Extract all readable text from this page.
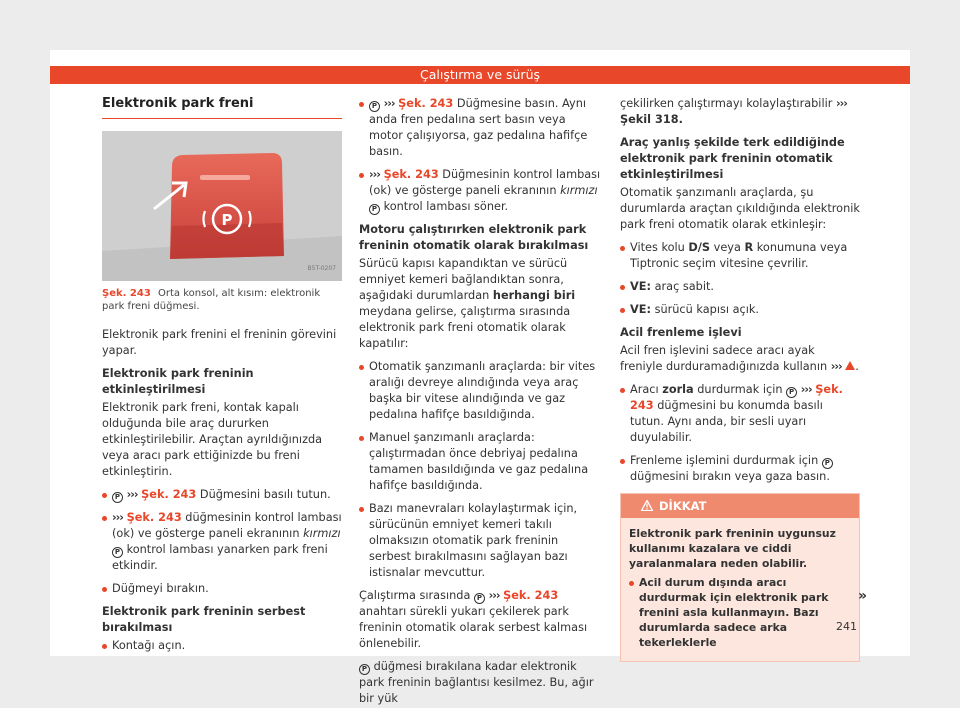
Çalıştırma ve sürüş
Elektronik park freni
P
B5T-0207
Şek. 243 Orta konsol, alt kısım: elektronik park freni düğmesi.

Elektronik park frenini el freninin görevini yapar.

Elektronik park freninin etkinleştirilmesi

Elektronik park freni, kontak kapalı olduğunda bile araç dururken etkinleştirilebilir. Araçtan ayrıldığınızda veya aracı park ettiğinizde bu freni etkinleştirin.

P ››› Şek. 243 Düğmesini basılı tutun.

››› Şek. 243 düğmesinin kontrol lambası (ok) ve gösterge paneli ekranının kırmızı P kontrol lambası yanarken park freni etkindir.

Düğmeyi bırakın.

Elektronik park freninin serbest bırakılması

Kontağı açın.

P ››› Şek. 243 Düğmesine basın. Aynı anda fren pedalına sert basın veya motor çalışıyorsa, gaz pedalına hafifçe basın.

››› Şek. 243 Düğmesinin kontrol lambası (ok) ve gösterge paneli ekranının kırmızı P kontrol lambası söner.

Motoru çalıştırırken elektronik park freninin otomatik olarak bırakılması

Sürücü kapısı kapandıktan ve sürücü emniyet kemeri bağlandıktan sonra, aşağıdaki durumlardan herhangi biri meydana gelirse, çalıştırma sırasında elektronik park freni otomatik olarak kapatılır:

Otomatik şanzımanlı araçlarda: bir vites aralığı devreye alındığında veya araç başka bir vitese alındığında ve gaz pedalına hafifçe basıldığında.

Manuel şanzımanlı araçlarda: çalıştırmadan önce debriyaj pedalına tamamen basıldığında ve gaz pedalına hafifçe basıldığında.

Bazı manevraları kolaylaştırmak için, sürücünün emniyet kemeri takılı olmaksızın otomatik park freninin serbest bırakılmasını sağlayan bazı istisnalar mevcuttur.

Çalıştırma sırasında P ››› Şek. 243 anahtarı sürekli yukarı çekilerek park freninin otomatik olarak serbest kalması önlenebilir.

P düğmesi bırakılana kadar elektronik park freninin bağlantısı kesilmez. Bu, ağır bir yük

çekilirken çalıştırmayı kolaylaştırabilir ››› Şekil 318.

Araç yanlış şekilde terk edildiğinde elektronik park freninin otomatik etkinleştirilmesi

Otomatik şanzımanlı araçlarda, şu durumlarda araçtan çıkıldığında elektronik park freni otomatik olarak etkinleşir:

Vites kolu D/S veya R konumuna veya Tiptronic seçim vitesine çevrilir.

VE: araç sabit.

VE: sürücü kapısı açık.

Acil frenleme işlevi

Acil fren işlevini sadece aracı ayak freniyle durduramadığınızda kullanın ››› .

Aracı zorla durdurmak için P ››› Şek. 243 düğmesini bu konumda basılı tutun. Aynı anda, bir sesli uyarı duyulabilir.

Frenleme işlemini durdurmak için P düğmesini bırakın veya gaza basın.

DİKKAT

Elektronik park freninin uygunsuz kullanımı kazalara ve ciddi yaralanmalara neden olabilir.

Acil durum dışında aracı durdurmak için elektronik park frenini asla kullanmayın. Bazı durumlarda sadece arka tekerleklerle

»
241
